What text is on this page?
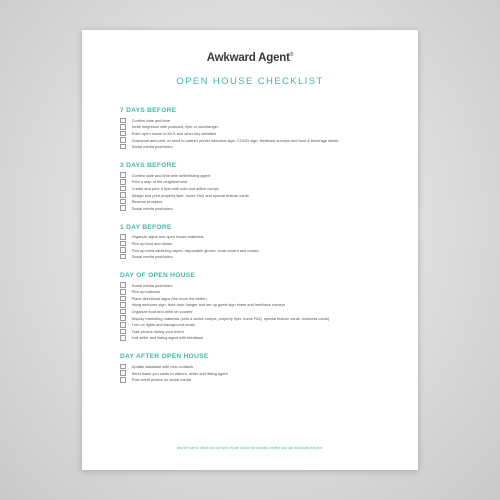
Awkward Agent®
OPEN HOUSE CHECKLIST
7 DAYS BEFORE
Confirm date and time
Invite neighbors with postcard, flyer or doorhanger
Enter open house in MLS and other key websites
Download and print, or send to partner printer welcome sign, COVID sign, feedback surveys and food & beverage labels
Social media post/video
3 DAYS BEFORE
Confirm date and time with seller/listing agent
Print a map of the neighborhood
Create and print a flyer with sold and active comps
Design and print property flyer, home FAQ and special feature cards
Reverse prospect
Social media post/video
1 DAY BEFORE
Organize signs and open house materials
Pick up food and drinks
Pick up extra sanitizing wipes, disposable gloves, shoe covers and masks
Social media post/video
DAY OF OPEN HOUSE
Social media post/video
Pick up balloons
Place directional signs (the more the better)
Hang welcome sign, front door hanger and set up guest sign sheet and feedback surveys
Organize food and drink on counter
Display marketing materials (sold & active comps, property flyer, home FAQ, special feature cards, business cards)
Turn on lights and background music
Take photos during your event
Call seller and listing agent with feedback
DAY AFTER OPEN HOUSE
Update database with new contacts
Send thank you cards to visitors, seller and listing agent
Post event photos on social media
Also be sure to check out our Open House section for branded creative you can download and print.
